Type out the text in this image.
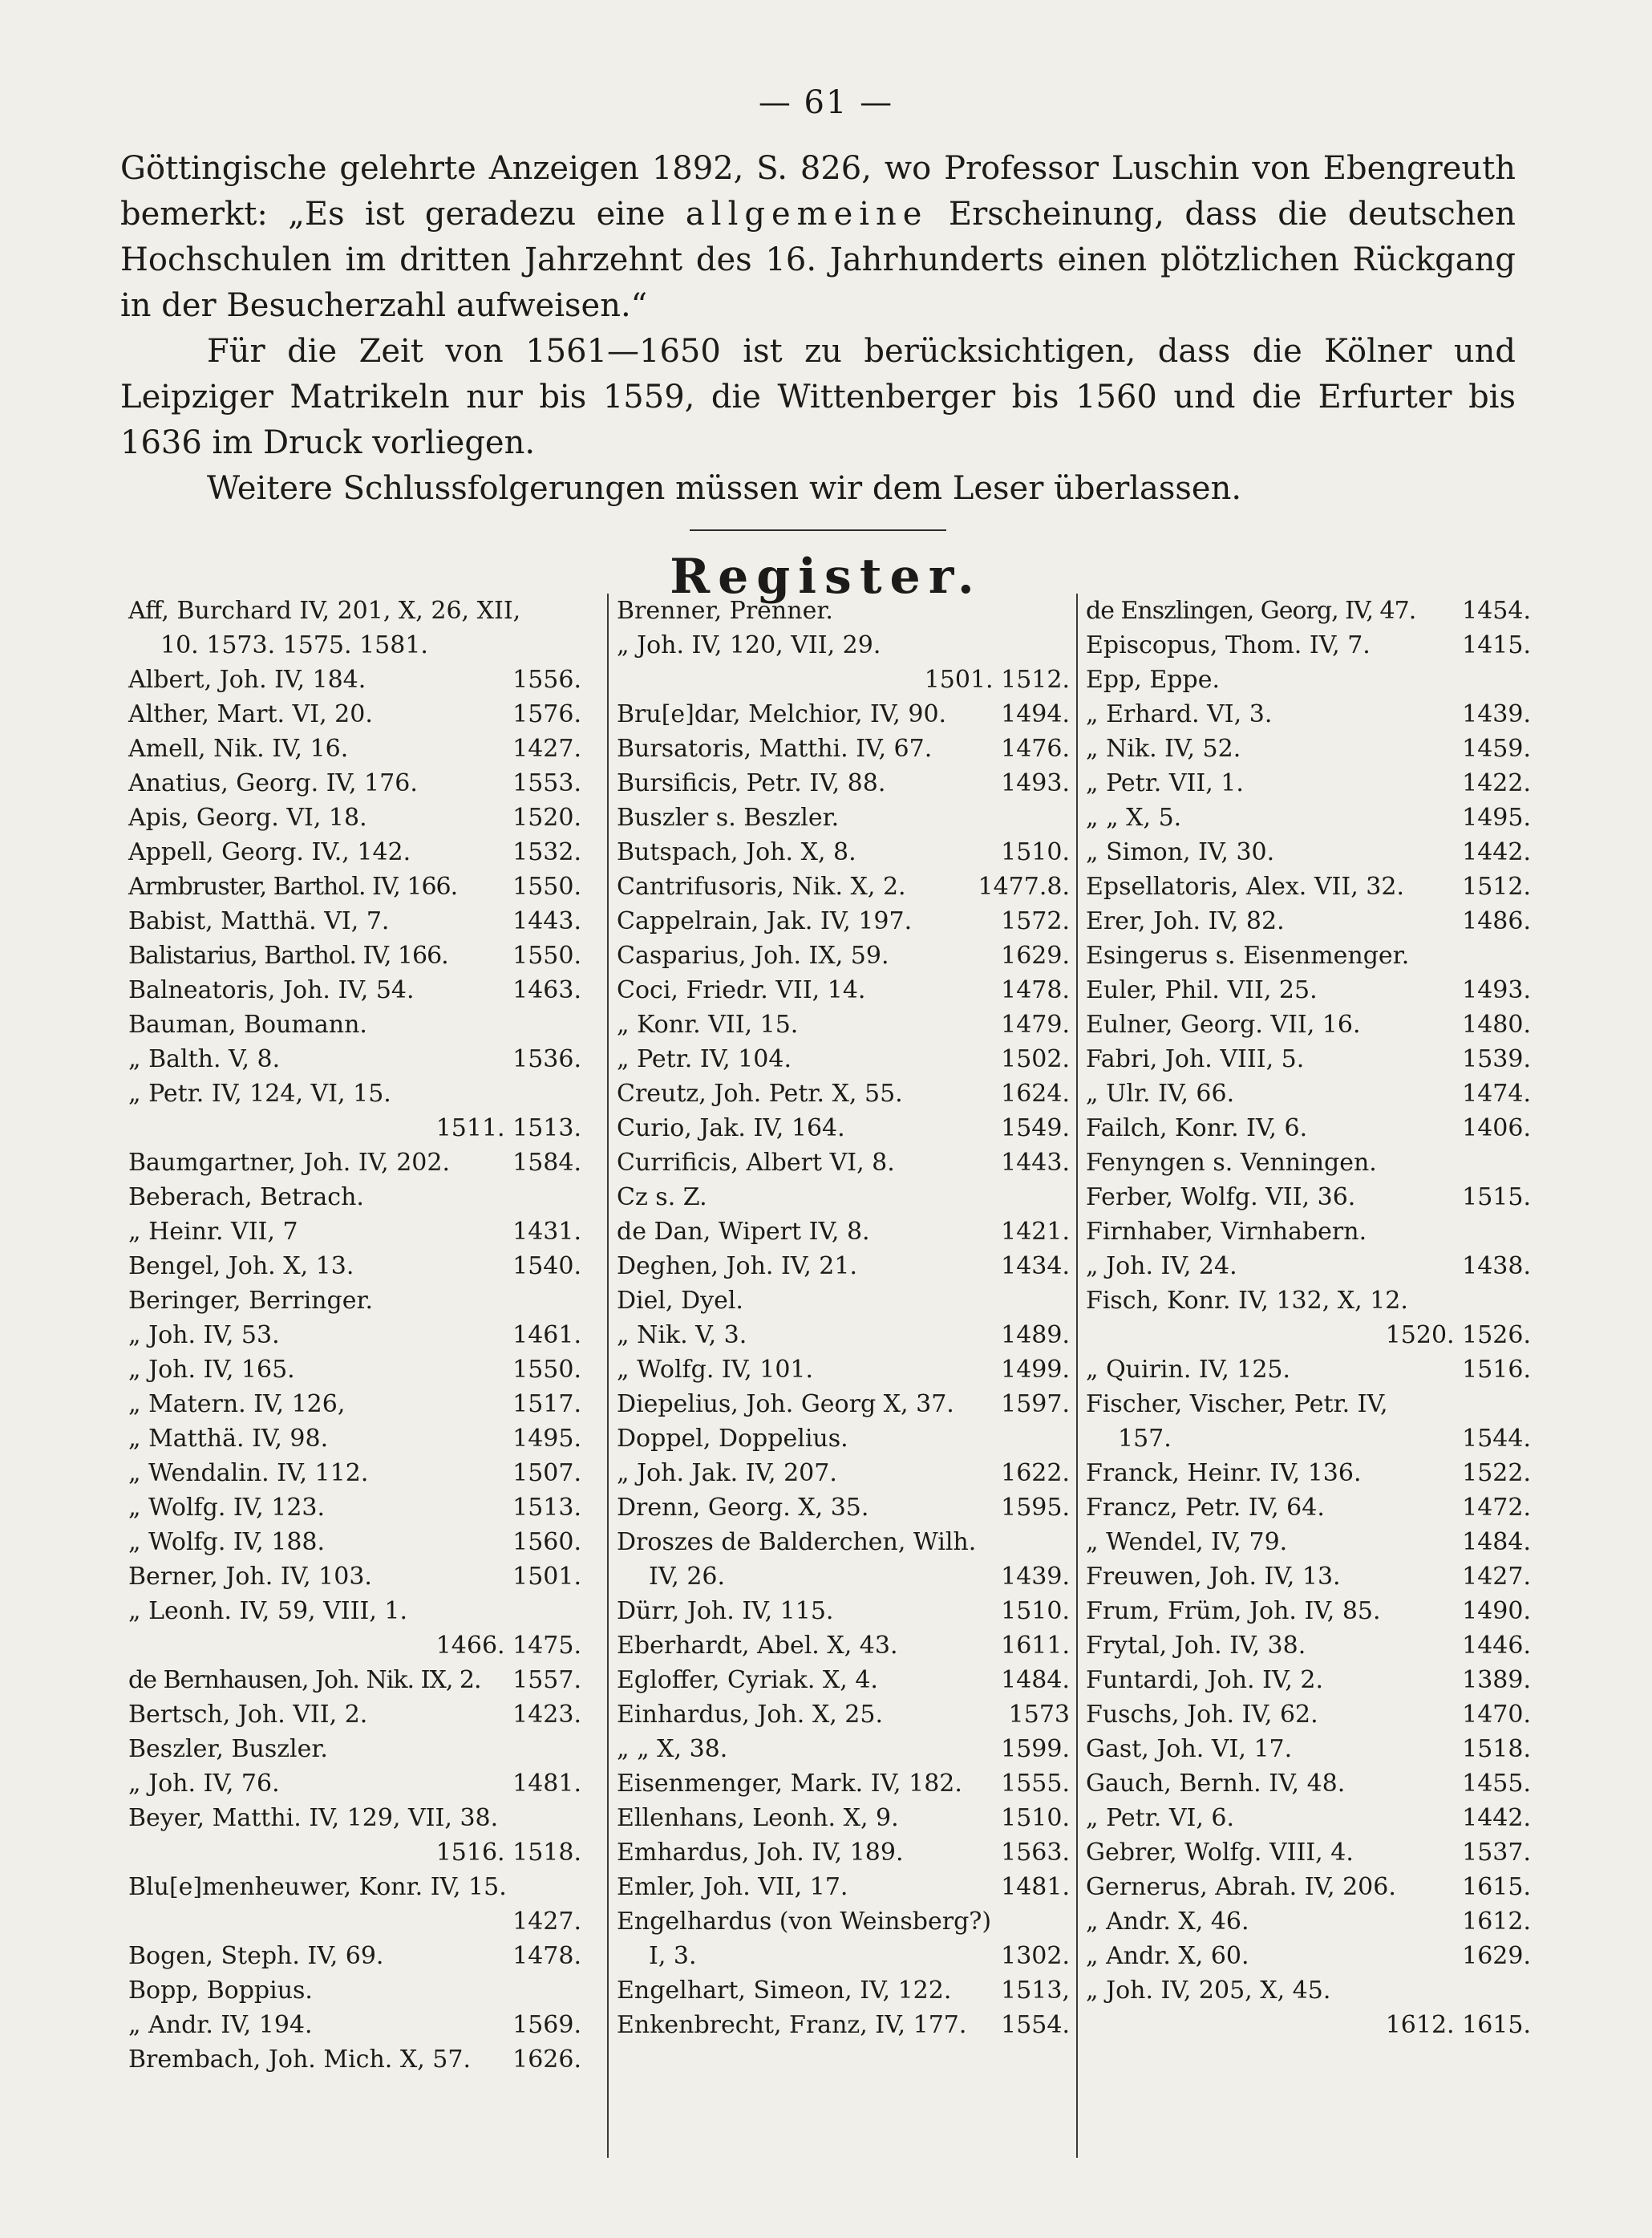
— 61 —

Göttingische gelehrte Anzeigen 1892, S. 826, wo Professor Luschin von Ebengreuth bemerkt: „Es ist geradezu eine allgemeine Erscheinung, dass die deutschen Hochschulen im dritten Jahrzehnt des 16. Jahrhunderts einen plötzlichen Rückgang in der Besucherzahl aufweisen.“

Für die Zeit von 1561—1650 ist zu berücksichtigen, dass die Kölner und Leipziger Matrikeln nur bis 1559, die Wittenberger bis 1560 und die Erfurter bis 1636 im Druck vorliegen.

Weitere Schlussfolgerungen müssen wir dem Leser überlassen.

Register.
Aff, Burchard IV, 201, X, 26, XII,
10. 1573. 1575. 1581.
Albert, Joh. IV, 184.	1556.
Alther, Mart. VI, 20.	1576.
Amell, Nik. IV, 16.	1427.
Anatius, Georg. IV, 176.	1553.
Apis, Georg. VI, 18.	1520.
Appell, Georg. IV., 142.	1532.
Armbruster, Barthol. IV, 166. 1550.
Babist, Matthä. VI, 7.	1443.
Balistarius, Barthol. IV, 166.	1550.
Balneatoris, Joh. IV, 54.	1463.
Bauman, Boumann.
„ Balth. V, 8.	1536.
„ Petr. IV, 124, VI, 15.
1511. 1513.
Baumgartner, Joh. IV, 202.	1584.
Beberach, Betrach.
„ Heinr. VII, 7	1431.
Bengel, Joh. X, 13.	1540.
Beringer, Berringer.
„ Joh. IV, 53.	1461.
„ Joh. IV, 165.	1550.
„ Matern. IV, 126,	1517.
„ Matthä. IV, 98.	1495.
„ Wendalin. IV, 112.	1507.
„ Wolfg. IV, 123.	1513.
„ Wolfg. IV, 188.	1560.
Berner, Joh. IV, 103.	1501.
„ Leonh. IV, 59, VIII, 1.
1466. 1475.
de Bernhausen, Joh. Nik. IX, 2. 1557.
Bertsch, Joh. VII, 2.	1423.
Beszler, Buszler.
„ Joh. IV, 76.	1481.
Beyer, Matthi. IV, 129, VII, 38.
1516. 1518.
Blu[e]menheuwer, Konr. IV, 15.
1427.
Bogen, Steph. IV, 69.	1478.
Bopp, Boppius.
„ Andr. IV, 194.	1569.
Brembach, Joh. Mich. X, 57. 1626.
Brenner, Prenner.
„ Joh. IV, 120, VII, 29.
1501. 1512.
Bru[e]dar, Melchior, IV, 90. 1494.
Bursatoris, Matthi. IV, 67.	1476.
Bursificis, Petr. IV, 88.	1493.
Buszler s. Beszler.
Butspach, Joh. X, 8.	1510.
Cantrifusoris, Nik. X, 2.	1477.8.
Cappelrain, Jak. IV, 197.	1572.
Casparius, Joh. IX, 59.	1629.
Coci, Friedr. VII, 14.	1478.
„ Konr. VII, 15.	1479.
„ Petr. IV, 104.	1502.
Creutz, Joh. Petr. X, 55.	1624.
Curio, Jak. IV, 164.	1549.
Currificis, Albert VI, 8.	1443.
Cz s. Z.
de Dan, Wipert IV, 8.	1421.
Deghen, Joh. IV, 21.	1434.
Diel, Dyel.
„ Nik. V, 3.	1489.
„ Wolfg. IV, 101.	1499.
Diepelius, Joh. Georg X, 37. 1597.
Doppel, Doppelius.
„ Joh. Jak. IV, 207.	1622.
Drenn, Georg. X, 35.	1595.
Droszes de Balderchen, Wilh.
IV, 26.	1439.
Dürr, Joh. IV, 115.	1510.
Eberhardt, Abel. X, 43.	1611.
Egloffer, Cyriak. X, 4.	1484.
Einhardus, Joh. X, 25.	1573
„ „ X, 38.	1599.
Eisenmenger, Mark. IV, 182. 1555.
Ellenhans, Leonh. X, 9.	1510.
Emhardus, Joh. IV, 189.	1563.
Emler, Joh. VII, 17.	1481.
Engelhardus (von Weinsberg?)
I, 3.	1302.
Engelhart, Simeon, IV, 122. 1513,
Enkenbrecht, Franz, IV, 177. 1554.
de Enszlingen, Georg, IV, 47. 1454.
Episcopus, Thom. IV, 7.	1415.
Epp, Eppe.
„ Erhard. VI, 3.	1439.
„ Nik. IV, 52.	1459.
„ Petr. VII, 1.	1422.
„ „ X, 5.	1495.
„ Simon, IV, 30.	1442.
Epsellatoris, Alex. VII, 32. 1512.
Erer, Joh. IV, 82.	1486.
Esingerus s. Eisenmenger.
Euler, Phil. VII, 25.	1493.
Eulner, Georg. VII, 16.	1480.
Fabri, Joh. VIII, 5.	1539.
„ Ulr. IV, 66.	1474.
Failch, Konr. IV, 6.	1406.
Fenyngen s. Venningen.
Ferber, Wolfg. VII, 36.	1515.
Firnhaber, Virnhabern.
„ Joh. IV, 24.	1438.
Fisch, Konr. IV, 132, X, 12.
1520. 1526.
„ Quirin. IV, 125.	1516.
Fischer, Vischer, Petr. IV,
157.	1544.
Franck, Heinr. IV, 136.	1522.
Francz, Petr. IV, 64.	1472.
„ Wendel, IV, 79.	1484.
Freuwen, Joh. IV, 13.	1427.
Frum, Früm, Joh. IV, 85.	1490.
Frytal, Joh. IV, 38.	1446.
Funtardi, Joh. IV, 2.	1389.
Fuschs, Joh. IV, 62.	1470.
Gast, Joh. VI, 17.	1518.
Gauch, Bernh. IV, 48.	1455.
„ Petr. VI, 6.	1442.
Gebrer, Wolfg. VIII, 4.	1537.
Gernerus, Abrah. IV, 206.	1615.
„ Andr. X, 46.	1612.
„ Andr. X, 60.	1629.
„ Joh. IV, 205, X, 45.
1612. 1615.
